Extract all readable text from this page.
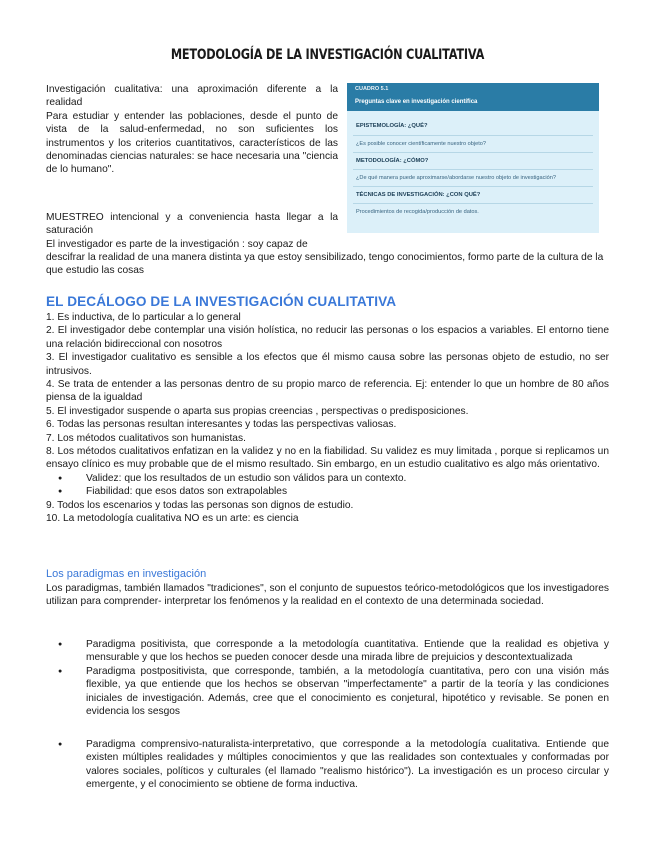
METODOLOGÍA DE LA INVESTIGACIÓN CUALITATIVA

Investigación cualitativa: una aproximación diferente a la realidad

Para estudiar y entender las poblaciones, desde el punto de vista de la salud-enfermedad, no son suficientes los instrumentos y los criterios cuantitativos, característicos de las denominadas ciencias naturales: se hace necesaria una "ciencia de lo humano".

MUESTREO intencional y a conveniencia hasta llegar a la saturación

El investigador es parte de la investigación : soy capaz de

descifrar la realidad de una manera distinta ya que estoy sensibilizado, tengo conocimientos, formo parte de la cultura de la que estudio las cosas

CUADRO 5.1
Preguntas clave en investigación científica
EPISTEMOLOGÍA: ¿QUÉ?
¿Es posible conocer científicamente nuestro objeto?
METODOLOGÍA: ¿CÓMO?
¿De qué manera puede aproximarse/abordarse nuestro objeto de investigación?
TÉCNICAS DE INVESTIGACIÓN: ¿CON QUÉ?
Procedimientos de recogida/producción de datos.
EL DECÁLOGO DE LA INVESTIGACIÓN CUALITATIVA

1. Es inductiva, de lo particular a lo general

2. El investigador debe contemplar una visión holística, no reducir las personas o los espacios a variables. El entorno tiene una relación bidireccional con nosotros

3. El investigador cualitativo es sensible a los efectos que él mismo causa sobre las personas objeto de estudio, no ser intrusivos.

4. Se trata de entender a las personas dentro de su propio marco de referencia. Ej: entender lo que un hombre de 80 años piensa de la igualdad

5. El investigador suspende o aparta sus propias creencias , perspectivas o predisposiciones.

6. Todas las personas resultan interesantes y todas las perspectivas valiosas.

7. Los métodos cualitativos son humanistas.

8. Los métodos cualitativos enfatizan en la validez y no en la fiabilidad. Su validez es muy limitada , porque si replicamos un ensayo clínico es muy probable que de el mismo resultado. Sin embargo, en un estudio cualitativo es algo más orientativo.

● Validez: que los resultados de un estudio son válidos para un contexto.
● Fiabilidad: que esos datos son extrapolables

9. Todos los escenarios y todas las personas son dignos de estudio.

10. La metodología cualitativa NO es un arte: es ciencia

Los paradigmas en investigación

Los paradigmas, también llamados "tradiciones", son el conjunto de supuestos teórico-metodológicos que los investigadores utilizan para comprender- interpretar los fenómenos y la realidad en el contexto de una determinada sociedad.

● Paradigma positivista, que corresponde a la metodología cuantitativa. Entiende que la realidad es objetiva y mensurable y que los hechos se pueden conocer desde una mirada libre de prejuicios y descontextualizada
● Paradigma postpositivista, que corresponde, también, a la metodología cuantitativa, pero con una visión más flexible, ya que entiende que los hechos se observan "imperfectamente" a partir de la teoría y las condiciones iniciales de investigación. Además, cree que el conocimiento es conjetural, hipotético y revisable. Se ponen en evidencia los sesgos
● Paradigma comprensivo-naturalista-interpretativo, que corresponde a la metodología cualitativa. Entiende que existen múltiples realidades y múltiples conocimientos y que las realidades son contextuales y conformadas por valores sociales, políticos y culturales (el llamado "realismo histórico"). La investigación es un proceso circular y emergente, y el conocimiento se obtiene de forma inductiva.
